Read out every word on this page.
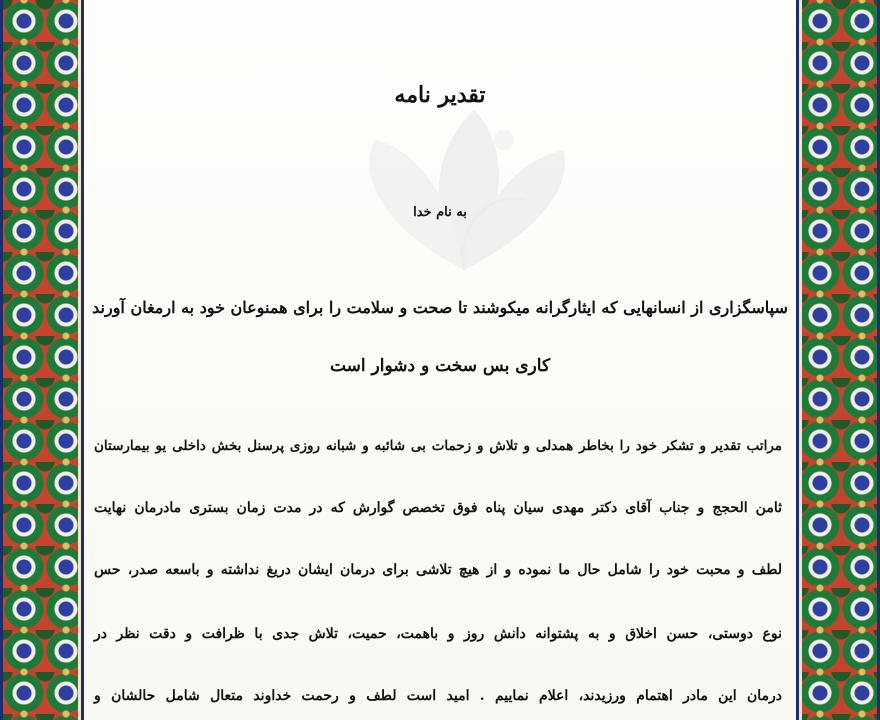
تقدیر نامه
به نام خدا
سپاسگزاری از انسانهایی که ایثارگرانه میکوشند تا صحت و سلامت را برای همنوعان خود به ارمغان آورند
کاری بس سخت و دشوار است
مراتب تقدیر و تشکر خود را بخاطر همدلی و تلاش و زحمات بی شائبه و شبانه روزی پرسنل بخش داخلی یو بیمارستان
ثامن الحجج و جناب آقای دکتر مهدی سیان پناه فوق تخصص گوارش که در مدت زمان بستری مادرمان نهایت
لطف و محبت خود را شامل حال ما نموده و از هیچ تلاشی برای درمان ایشان دریغ نداشته و باسعه صدر، حس
نوع دوستی، حسن اخلاق و به پشتوانه دانش روز و باهمت، حمیت، تلاش جدی با ظرافت و دقت نظر در
درمان این مادر اهتمام ورزیدند، اعلام نماییم . امید است لطف و رحمت خداوند متعال شامل حالشان و
